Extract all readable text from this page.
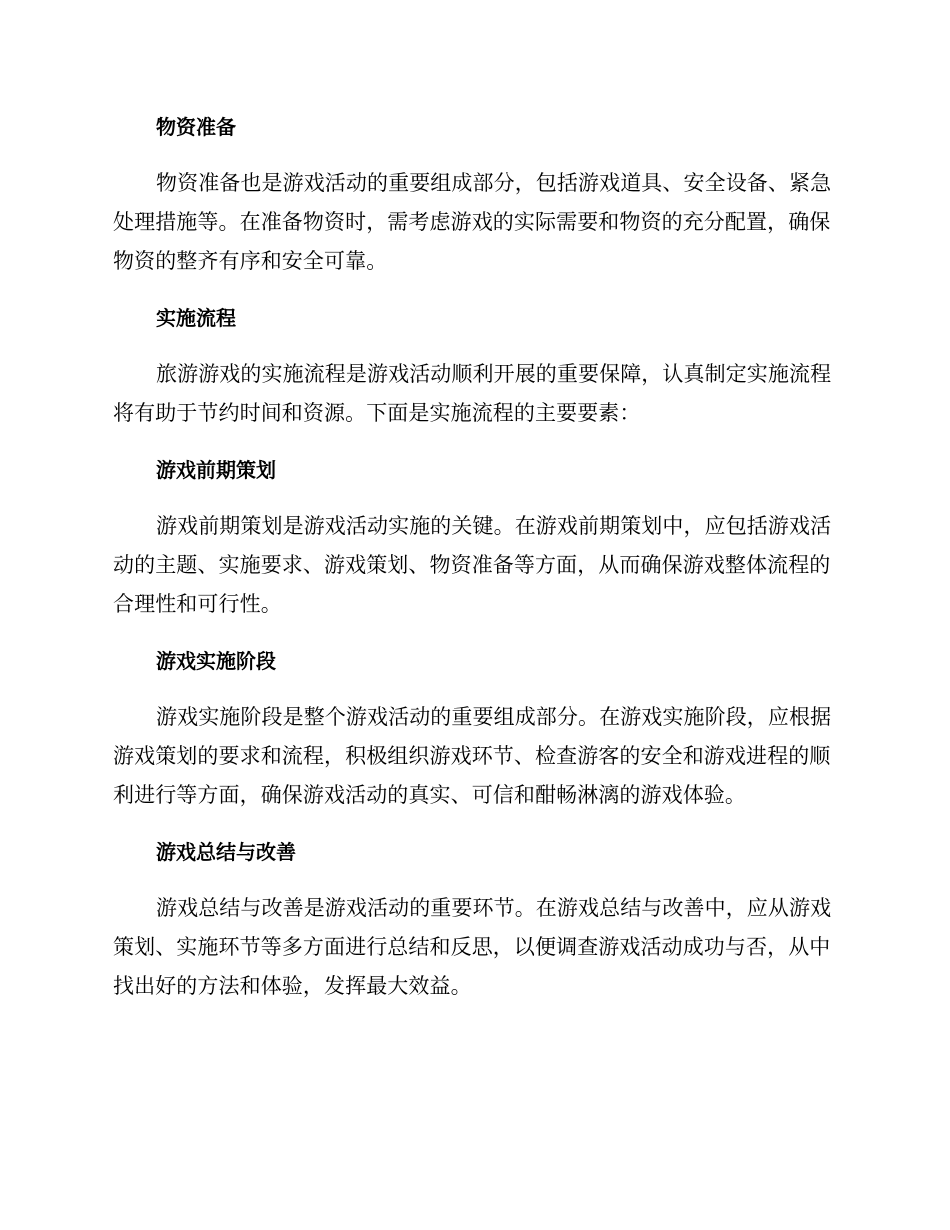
物资准备
物资准备也是游戏活动的重要组成部分，包括游戏道具、安全设备、紧急处理措施等。在准备物资时，需考虑游戏的实际需要和物资的充分配置，确保物资的整齐有序和安全可靠。
实施流程
旅游游戏的实施流程是游戏活动顺利开展的重要保障，认真制定实施流程将有助于节约时间和资源。下面是实施流程的主要要素：
游戏前期策划
游戏前期策划是游戏活动实施的关键。在游戏前期策划中，应包括游戏活动的主题、实施要求、游戏策划、物资准备等方面，从而确保游戏整体流程的合理性和可行性。
游戏实施阶段
游戏实施阶段是整个游戏活动的重要组成部分。在游戏实施阶段，应根据游戏策划的要求和流程，积极组织游戏环节、检查游客的安全和游戏进程的顺利进行等方面，确保游戏活动的真实、可信和酣畅淋漓的游戏体验。
游戏总结与改善
游戏总结与改善是游戏活动的重要环节。在游戏总结与改善中，应从游戏策划、实施环节等多方面进行总结和反思，以便调查游戏活动成功与否，从中找出好的方法和体验，发挥最大效益。
